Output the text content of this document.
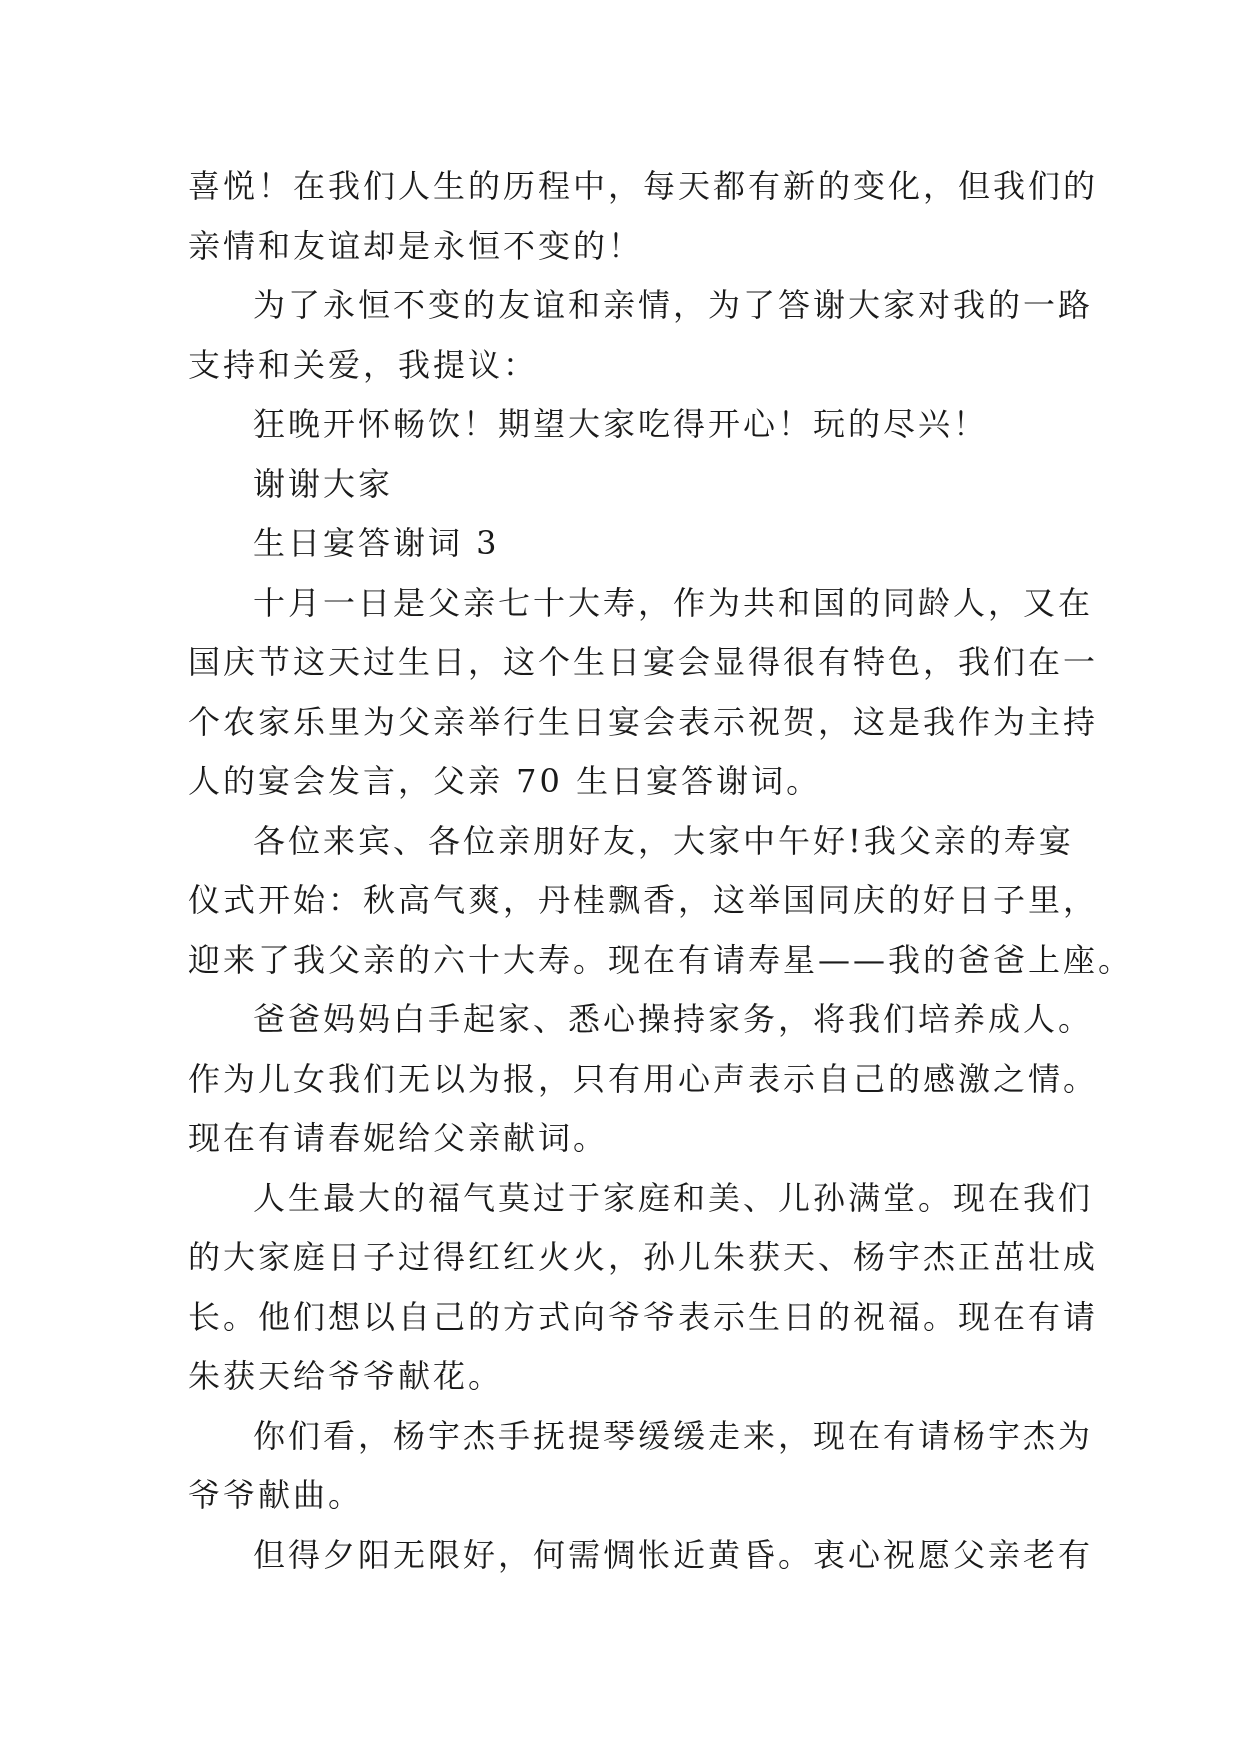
喜悦！在我们人生的历程中，每天都有新的变化，但我们的
亲情和友谊却是永恒不变的！
为了永恒不变的友谊和亲情，为了答谢大家对我的一路
支持和关爱，我提议：
狂晚开怀畅饮！期望大家吃得开心！玩的尽兴！
谢谢大家
生日宴答谢词 3
十月一日是父亲七十大寿，作为共和国的同龄人，又在
国庆节这天过生日，这个生日宴会显得很有特色，我们在一
个农家乐里为父亲举行生日宴会表示祝贺，这是我作为主持
人的宴会发言，父亲 70 生日宴答谢词。
各位来宾、各位亲朋好友，大家中午好!我父亲的寿宴
仪式开始：秋高气爽，丹桂飘香，这举国同庆的好日子里，
迎来了我父亲的六十大寿。现在有请寿星——我的爸爸上座。
爸爸妈妈白手起家、悉心操持家务，将我们培养成人。
作为儿女我们无以为报，只有用心声表示自己的感激之情。
现在有请春妮给父亲献词。
人生最大的福气莫过于家庭和美、儿孙满堂。现在我们
的大家庭日子过得红红火火，孙儿朱获天、杨宇杰正茁壮成
长。他们想以自己的方式向爷爷表示生日的祝福。现在有请
朱获天给爷爷献花。
你们看，杨宇杰手抚提琴缓缓走来，现在有请杨宇杰为
爷爷献曲。
但得夕阳无限好，何需惆怅近黄昏。衷心祝愿父亲老有
